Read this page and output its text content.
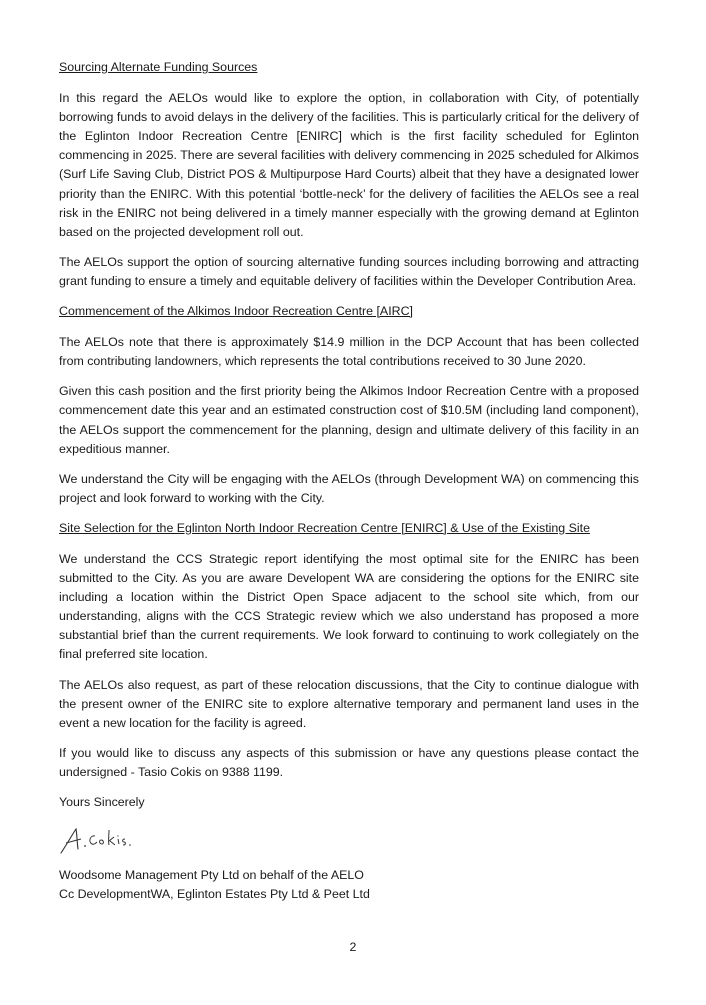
Sourcing Alternate Funding Sources

In this regard the AELOs would like to explore the option, in collaboration with City, of potentially borrowing funds to avoid delays in the delivery of the facilities. This is particularly critical for the delivery of the Eglinton Indoor Recreation Centre [ENIRC] which is the first facility scheduled for Eglinton commencing in 2025. There are several facilities with delivery commencing in 2025 scheduled for Alkimos (Surf Life Saving Club, District POS & Multipurpose Hard Courts) albeit that they have a designated lower priority than the ENIRC. With this potential ‘bottle-neck’ for the delivery of facilities the AELOs see a real risk in the ENIRC not being delivered in a timely manner especially with the growing demand at Eglinton based on the projected development roll out.

The AELOs support the option of sourcing alternative funding sources including borrowing and attracting grant funding to ensure a timely and equitable delivery of facilities within the Developer Contribution Area.

Commencement of the Alkimos Indoor Recreation Centre [AIRC]

The AELOs note that there is approximately $14.9 million in the DCP Account that has been collected from contributing landowners, which represents the total contributions received to 30 June 2020.

Given this cash position and the first priority being the Alkimos Indoor Recreation Centre with a proposed commencement date this year and an estimated construction cost of $10.5M (including land component), the AELOs support the commencement for the planning, design and ultimate delivery of this facility in an expeditious manner.

We understand the City will be engaging with the AELOs (through Development WA) on commencing this project and look forward to working with the City.

Site Selection for the Eglinton North Indoor Recreation Centre [ENIRC] & Use of the Existing Site

We understand the CCS Strategic report identifying the most optimal site for the ENIRC has been submitted to the City. As you are aware Developent WA are considering the options for the ENIRC site including a location within the District Open Space adjacent to the school site which, from our understanding, aligns with the CCS Strategic review which we also understand has proposed a more substantial brief than the current requirements. We look forward to continuing to work collegiately on the final preferred site location.

The AELOs also request, as part of these relocation discussions, that the City to continue dialogue with the present owner of the ENIRC site to explore alternative temporary and permanent land uses in the event a new location for the facility is agreed.

If you would like to discuss any aspects of this submission or have any questions please contact the undersigned - Tasio Cokis on 9388 1199.

Yours Sincerely

Woodsome Management Pty Ltd on behalf of the AELO

Cc DevelopmentWA, Eglinton Estates Pty Ltd & Peet Ltd

2
